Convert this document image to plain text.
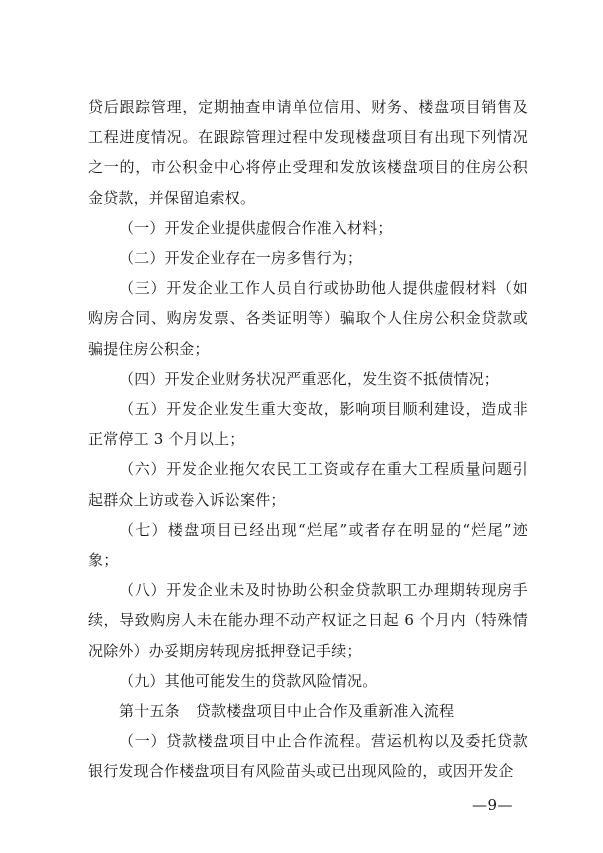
贷后跟踪管理，定期抽查申请单位信用、财务、楼盘项目销售及工程进度情况。在跟踪管理过程中发现楼盘项目有出现下列情况之一的，市公积金中心将停止受理和发放该楼盘项目的住房公积金贷款，并保留追索权。

（一）开发企业提供虚假合作准入材料；

（二）开发企业存在一房多售行为；

（三）开发企业工作人员自行或协助他人提供虚假材料（如购房合同、购房发票、各类证明等）骗取个人住房公积金贷款或骗提住房公积金；

（四）开发企业财务状况严重恶化，发生资不抵债情况；

（五）开发企业发生重大变故，影响项目顺利建设，造成非正常停工 3 个月以上；

（六）开发企业拖欠农民工工资或存在重大工程质量问题引起群众上访或卷入诉讼案件；

（七）楼盘项目已经出现“烂尾”或者存在明显的“烂尾”迹象；

（八）开发企业未及时协助公积金贷款职工办理期转现房手续，导致购房人未在能办理不动产权证之日起 6 个月内（特殊情况除外）办妥期房转现房抵押登记手续；

（九）其他可能发生的贷款风险情况。

第十五条 贷款楼盘项目中止合作及重新准入流程

（一）贷款楼盘项目中止合作流程。营运机构以及委托贷款银行发现合作楼盘项目有风险苗头或已出现风险的，或因开发企

—9—
